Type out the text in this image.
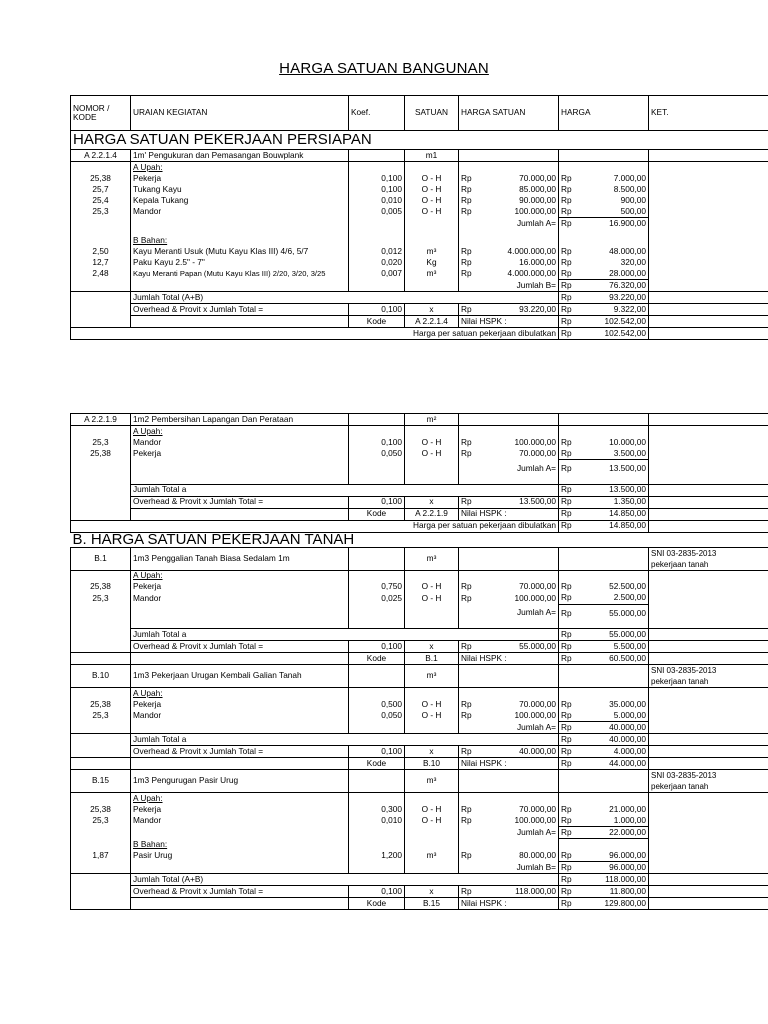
HARGA SATUAN BANGUNAN
NOMOR / KODE	URAIAN KEGIATAN	Koef.	SATUAN	HARGA SATUAN	HARGA	KET.
HARGA SATUAN PEKERJAAN PERSIAPAN						
A 2.2.1.4	1m' Pengukuran dan Pemasangan Bouwplank		m1			
	A Upah:					
25,38	Pekerja	0,100	O - H	Rp 70.000,00	Rp 7.000,00	

25,7	Tukang Kayu	0,100	O - H	Rp 85.000,00	Rp 8.500,00	

25,4	Kepala Tukang	0,010	O - H	Rp 90.000,00	Rp 900,00	

25,3	Mandor	0,005	O - H	Rp 100.000,00	Rp 500,00	

				Jumlah A=	Rp 16.900,00	

	B Bahan:					
2,50	Kayu Meranti Usuk (Mutu Kayu Klas III) 4/6, 5/7	0,012	m³	Rp 4.000.000,00	Rp 48.000,00	

12,7	Paku Kayu 2.5" - 7"	0,020	Kg	Rp 16.000,00	Rp 320,00	

2,48	Kayu Meranti Papan (Mutu Kayu Klas III) 2/20, 3/20, 3/25	0,007	m³	Rp 4.000.000,00	Rp 28.000,00	

				Jumlah B=	Rp 76.320,00	

	Jumlah Total (A+B)				Rp 93.220,00	

	Overhead & Provit x Jumlah Total =	0,100	x	Rp 93.220,00	Rp 9.322,00	

		Kode	A 2.2.1.4	Nilai HSPK :	Rp 102.542,00	

Harga per satuan pekerjaan dibulatkan					Rp 102.542,00	

A 2.2.1.9	1m2 Pembersihan Lapangan Dan Perataan		m²			
	A Upah:					
25,3	Mandor	0,100	O - H	Rp 100.000,00	Rp 10.000,00	

25,38	Pekerja	0,050	O - H	Rp 70.000,00	Rp 3.500,00	

				Jumlah A=	Rp 13.500,00	

	Jumlah Total a				Rp 13.500,00	

	Overhead & Provit x Jumlah Total =	0,100	x	Rp 13.500,00	Rp 1.350,00	

		Kode	A 2.2.1.9	Nilai HSPK :	Rp 14.850,00	

Harga per satuan pekerjaan dibulatkan					Rp 14.850,00	

B. HARGA SATUAN PEKERJAAN TANAH						
B.1	1m3 Penggalian Tanah Biasa Sedalam 1m		m³			SNI 03-2835-2013
pekerjaan tanah
	A Upah:					
25,38	Pekerja	0,750	O - H	Rp 70.000,00	Rp 52.500,00	

25,3	Mandor	0,025	O - H	Rp 100.000,00	Rp 2.500,00	

				Jumlah A=	Rp 55.000,00	

	Jumlah Total a				Rp 55.000,00	

	Overhead & Provit x Jumlah Total =	0,100	x	Rp 55.000,00	Rp 5.500,00	

		Kode	B.1	Nilai HSPK :	Rp 60.500,00	

B.10	1m3 Pekerjaan Urugan Kembali Galian Tanah		m³			SNI 03-2835-2013
pekerjaan tanah
	A Upah:					
25,38	Pekerja	0,500	O - H	Rp 70.000,00	Rp 35.000,00	

25,3	Mandor	0,050	O - H	Rp 100.000,00	Rp 5.000,00	

				Jumlah A=	Rp 40.000,00	

	Jumlah Total a				Rp 40.000,00	

	Overhead & Provit x Jumlah Total =	0,100	x	Rp 40.000,00	Rp 4.000,00	

		Kode	B.10	Nilai HSPK :	Rp 44.000,00	

B.15	1m3 Pengurugan Pasir Urug		m³			SNI 03-2835-2013
pekerjaan tanah
	A Upah:					
25,38	Pekerja	0,300	O - H	Rp 70.000,00	Rp 21.000,00	

25,3	Mandor	0,010	O - H	Rp 100.000,00	Rp 1.000,00	

				Jumlah A=	Rp 22.000,00	

	B Bahan:					
1,87	Pasir Urug	1,200	m³	Rp 80.000,00	Rp 96.000,00	

				Jumlah B=	Rp 96.000,00	

	Jumlah Total (A+B)				Rp 118.000,00	

	Overhead & Provit x Jumlah Total =	0,100	x	Rp 118.000,00	Rp 11.800,00	

		Kode	B.15	Nilai HSPK :	Rp 129.800,00	
